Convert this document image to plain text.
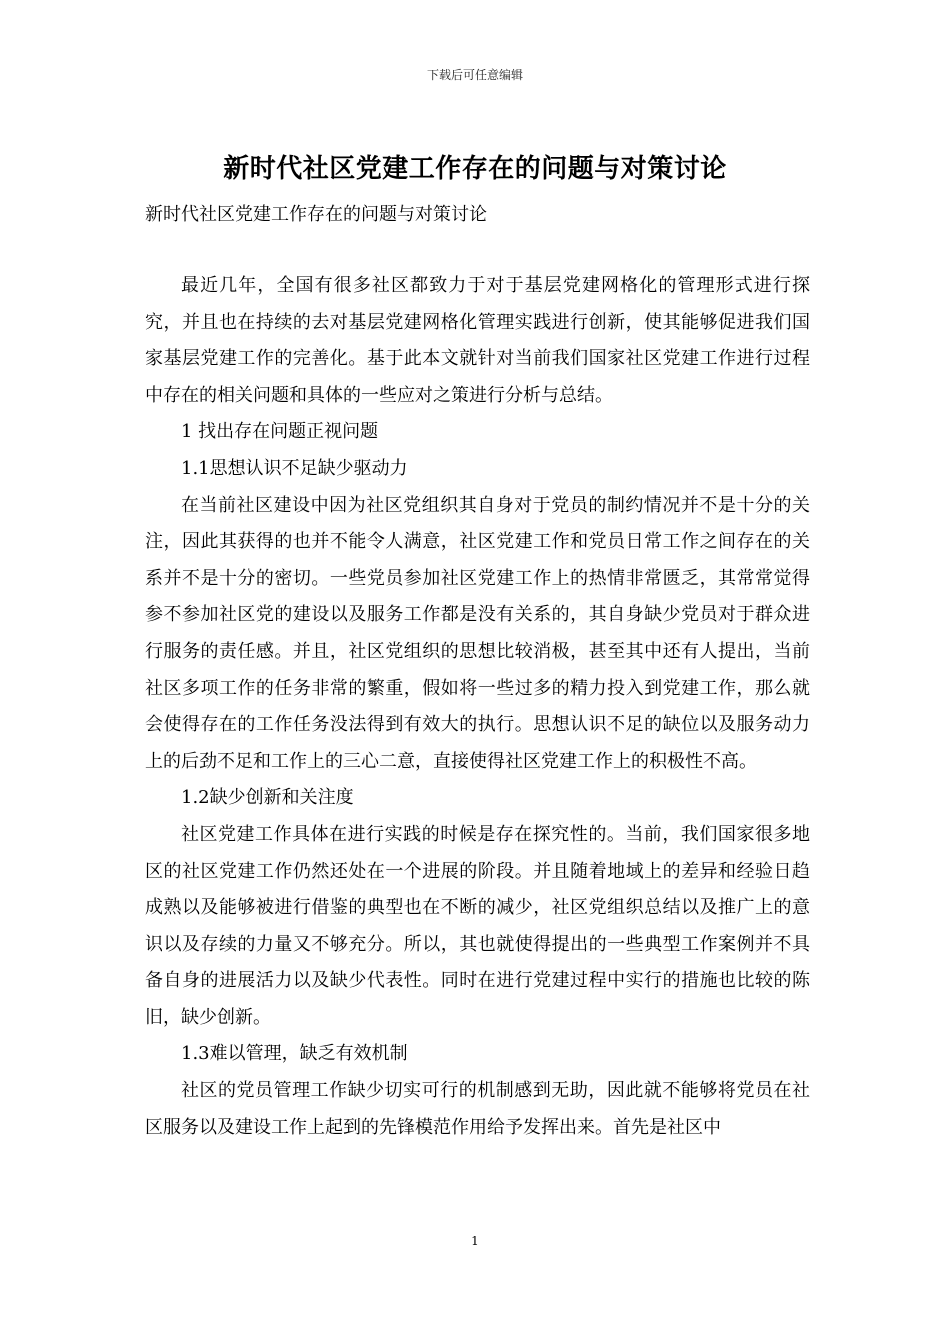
下载后可任意编辑
新时代社区党建工作存在的问题与对策讨论
新时代社区党建工作存在的问题与对策讨论

最近几年，全国有很多社区都致力于对于基层党建网格化的管理形式进行探究，并且也在持续的去对基层党建网格化管理实践进行创新，使其能够促进我们国家基层党建工作的完善化。基于此本文就针对当前我们国家社区党建工作进行过程中存在的相关问题和具体的一些应对之策进行分析与总结。

1 找出存在问题正视问题

1.1思想认识不足缺少驱动力

在当前社区建设中因为社区党组织其自身对于党员的制约情况并不是十分的关注，因此其获得的也并不能令人满意，社区党建工作和党员日常工作之间存在的关系并不是十分的密切。一些党员参加社区党建工作上的热情非常匮乏，其常常觉得参不参加社区党的建设以及服务工作都是没有关系的，其自身缺少党员对于群众进行服务的责任感。并且，社区党组织的思想比较消极，甚至其中还有人提出，当前社区多项工作的任务非常的繁重，假如将一些过多的精力投入到党建工作，那么就会使得存在的工作任务没法得到有效大的执行。思想认识不足的缺位以及服务动力上的后劲不足和工作上的三心二意，直接使得社区党建工作上的积极性不高。

1.2缺少创新和关注度

社区党建工作具体在进行实践的时候是存在探究性的。当前，我们国家很多地区的社区党建工作仍然还处在一个进展的阶段。并且随着地域上的差异和经验日趋成熟以及能够被进行借鉴的典型也在不断的减少，社区党组织总结以及推广上的意识以及存续的力量又不够充分。所以，其也就使得提出的一些典型工作案例并不具备自身的进展活力以及缺少代表性。同时在进行党建过程中实行的措施也比较的陈旧，缺少创新。

1.3难以管理，缺乏有效机制

社区的党员管理工作缺少切实可行的机制感到无助，因此就不能够将党员在社区服务以及建设工作上起到的先锋模范作用给予发挥出来。首先是社区中

1
